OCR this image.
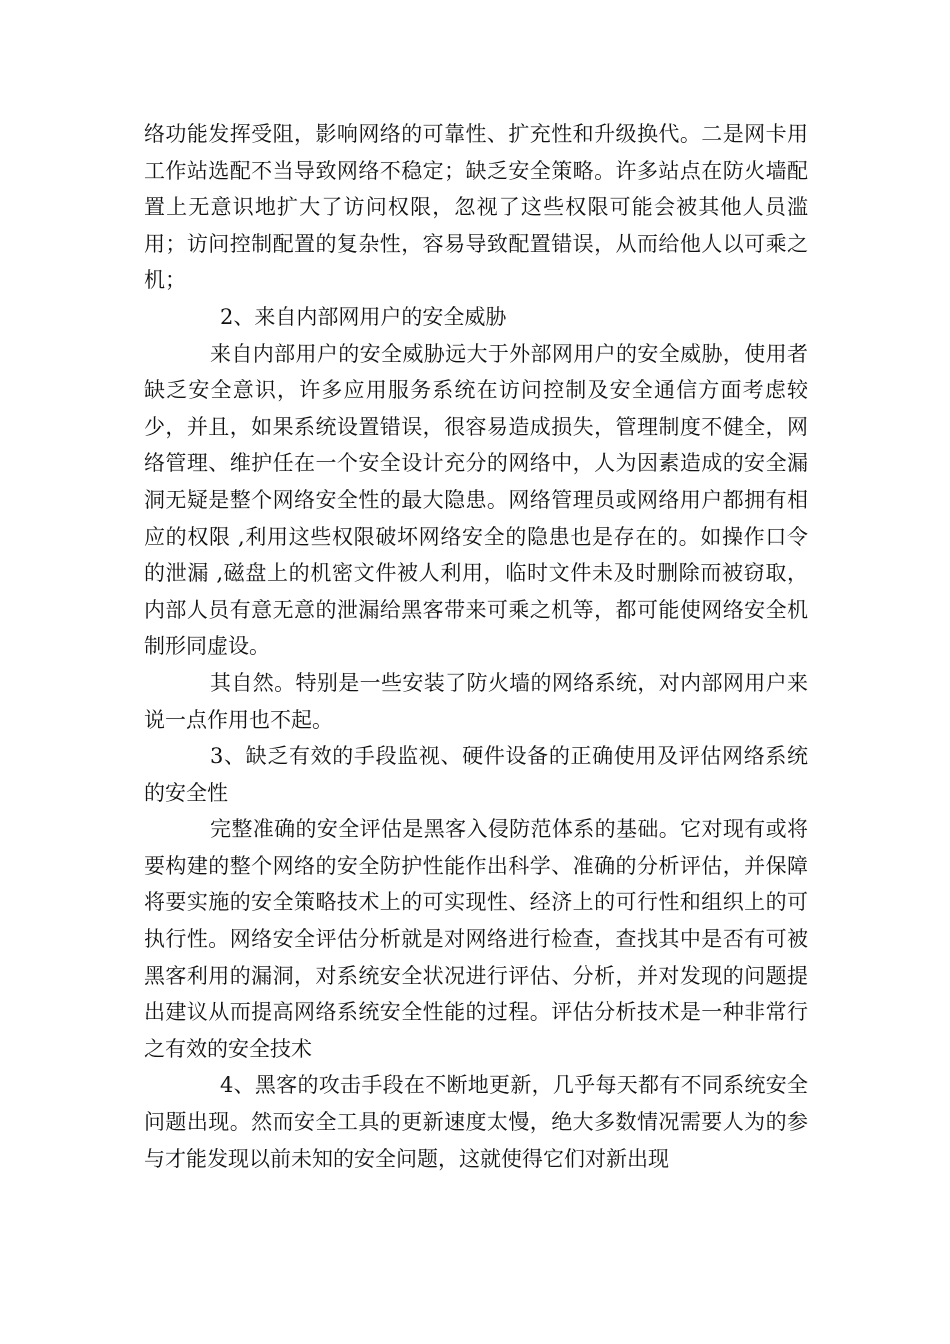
络功能发挥受阻，影响网络的可靠性、扩充性和升级换代。二是网卡用工作站选配不当导致网络不稳定；缺乏安全策略。许多站点在防火墙配置上无意识地扩大了访问权限，忽视了这些权限可能会被其他人员滥用；访问控制配置的复杂性，容易导致配置错误，从而给他人以可乘之机；

2、来自内部网用户的安全威胁

来自内部用户的安全威胁远大于外部网用户的安全威胁，使用者缺乏安全意识，许多应用服务系统在访问控制及安全通信方面考虑较少，并且，如果系统设置错误，很容易造成损失，管理制度不健全，网络管理、维护任在一个安全设计充分的网络中，人为因素造成的安全漏洞无疑是整个网络安全性的最大隐患。网络管理员或网络用户都拥有相应的权限 ,利用这些权限破坏网络安全的隐患也是存在的。如操作口令的泄漏 ,磁盘上的机密文件被人利用，临时文件未及时删除而被窃取，内部人员有意无意的泄漏给黑客带来可乘之机等，都可能使网络安全机制形同虚设。

其自然。特别是一些安装了防火墙的网络系统，对内部网用户来说一点作用也不起。

3、缺乏有效的手段监视、硬件设备的正确使用及评估网络系统的安全性

完整准确的安全评估是黑客入侵防范体系的基础。它对现有或将要构建的整个网络的安全防护性能作出科学、准确的分析评估，并保障将要实施的安全策略技术上的可实现性、经济上的可行性和组织上的可执行性。网络安全评估分析就是对网络进行检查，查找其中是否有可被黑客利用的漏洞，对系统安全状况进行评估、分析，并对发现的问题提出建议从而提高网络系统安全性能的过程。评估分析技术是一种非常行之有效的安全技术

4、黑客的攻击手段在不断地更新，几乎每天都有不同系统安全问题出现。然而安全工具的更新速度太慢，绝大多数情况需要人为的参与才能发现以前未知的安全问题，这就使得它们对新出现
